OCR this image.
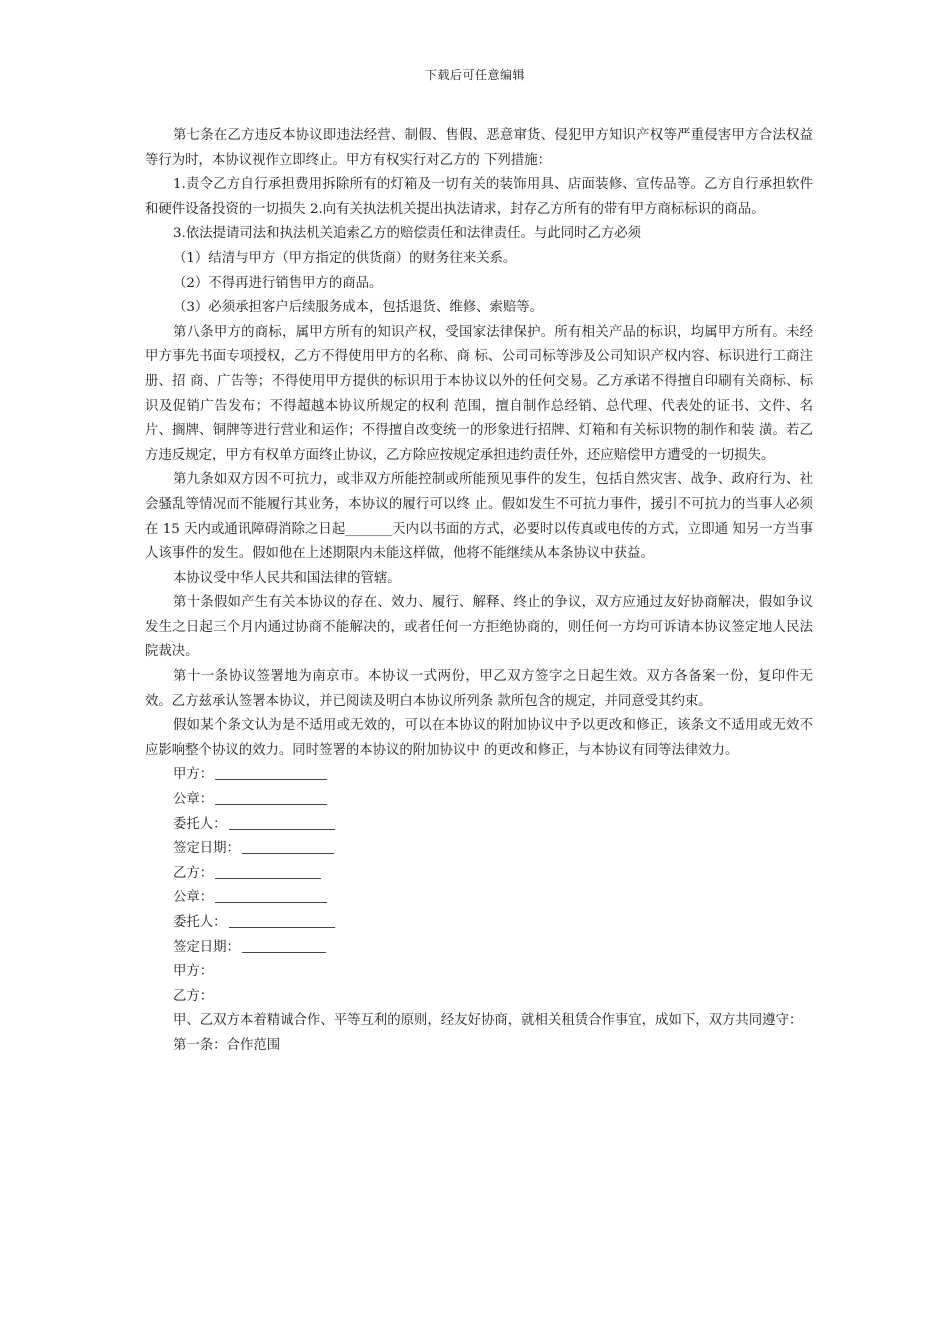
下载后可任意编辑

第七条在乙方违反本协议即违法经营、制假、售假、恶意窜货、侵犯甲方知识产权等严重侵害甲方合法权益等行为时，本协议视作立即终止。甲方有权实行对乙方的 下列措施：

1.责令乙方自行承担费用拆除所有的灯箱及一切有关的装饰用具、店面装修、宣传品等。乙方自行承担软件和硬件设备投资的一切损失 2.向有关执法机关提出执法请求，封存乙方所有的带有甲方商标标识的商品。

3.依法提请司法和执法机关追索乙方的赔偿责任和法律责任。与此同时乙方必须

（1）结清与甲方（甲方指定的供货商）的财务往来关系。

（2）不得再进行销售甲方的商品。

（3）必须承担客户后续服务成本，包括退货、维修、索赔等。

第八条甲方的商标，属甲方所有的知识产权，受国家法律保护。所有相关产品的标识，均属甲方所有。未经甲方事先书面专项授权，乙方不得使用甲方的名称、商 标、公司司标等涉及公司知识产权内容、标识进行工商注册、招 商、广告等；不得使用甲方提供的标识用于本协议以外的任何交易。乙方承诺不得擅自印刷有关商标、标识及促销广告发布；不得超越本协议所规定的权利 范围，擅自制作总经销、总代理、代表处的证书、文件、名片、搁牌、铜牌等进行营业和运作；不得擅自改变统一的形象进行招牌、灯箱和有关标识物的制作和装 潢。若乙方违反规定，甲方有权单方面终止协议，乙方除应按规定承担违约责任外，还应赔偿甲方遭受的一切损失。

第九条如双方因不可抗力，或非双方所能控制或所能预见事件的发生，包括自然灾害、战争、政府行为、社会骚乱等情况而不能履行其业务，本协议的履行可以终 止。假如发生不可抗力事件，援引不可抗力的当事人必须在 15 天内或通讯障碍消除之日起_______天内以书面的方式，必要时以传真或电传的方式，立即通 知另一方当事人该事件的发生。假如他在上述期限内未能这样做，他将不能继续从本条协议中获益。

本协议受中华人民共和国法律的管辖。

第十条假如产生有关本协议的存在、效力、履行、解释、终止的争议，双方应通过友好协商解决，假如争议发生之日起三个月内通过协商不能解决的，或者任何一方拒绝协商的，则任何一方均可诉请本协议签定地人民法院裁决。

第十一条协议签署地为南京市。本协议一式两份，甲乙双方签字之日起生效。双方各备案一份，复印件无效。乙方兹承认签署本协议，并已阅读及明白本协议所列条 款所包含的规定，并同意受其约束。

假如某个条文认为是不适用或无效的，可以在本协议的附加协议中予以更改和修正，该条文不适用或无效不应影响整个协议的效力。同时签署的本协议的附加协议中 的更改和修正，与本协议有同等法律效力。

甲方：
公章：
委托人：
签定日期：
乙方：
公章：
委托人：
签定日期：
甲方：
乙方：

甲、乙双方本着精诚合作、平等互利的原则，经友好协商，就相关租赁合作事宜，成如下，双方共同遵守：

第一条：合作范围
